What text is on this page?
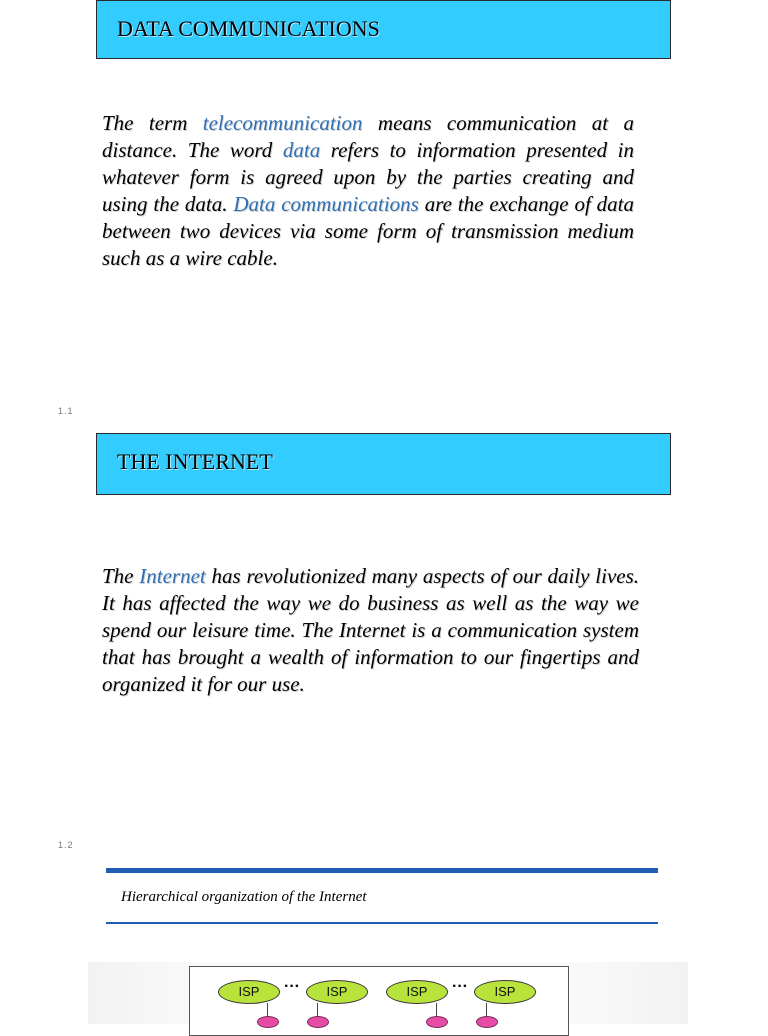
DATA COMMUNICATIONS
The term telecommunication means communication at a distance. The word data refers to information presented in whatever form is agreed upon by the parties creating and using the data. Data communications are the exchange of data between two devices via some form of transmission medium such as a wire cable.
1.1
THE INTERNET
The Internet has revolutionized many aspects of our daily lives. It has affected the way we do business as well as the way we spend our leisure time. The Internet is a communication system that has brought a wealth of information to our fingertips and organized it for our use.
1.2
Hierarchical organization of the Internet
ISP	···	ISP	ISP	···	ISP
